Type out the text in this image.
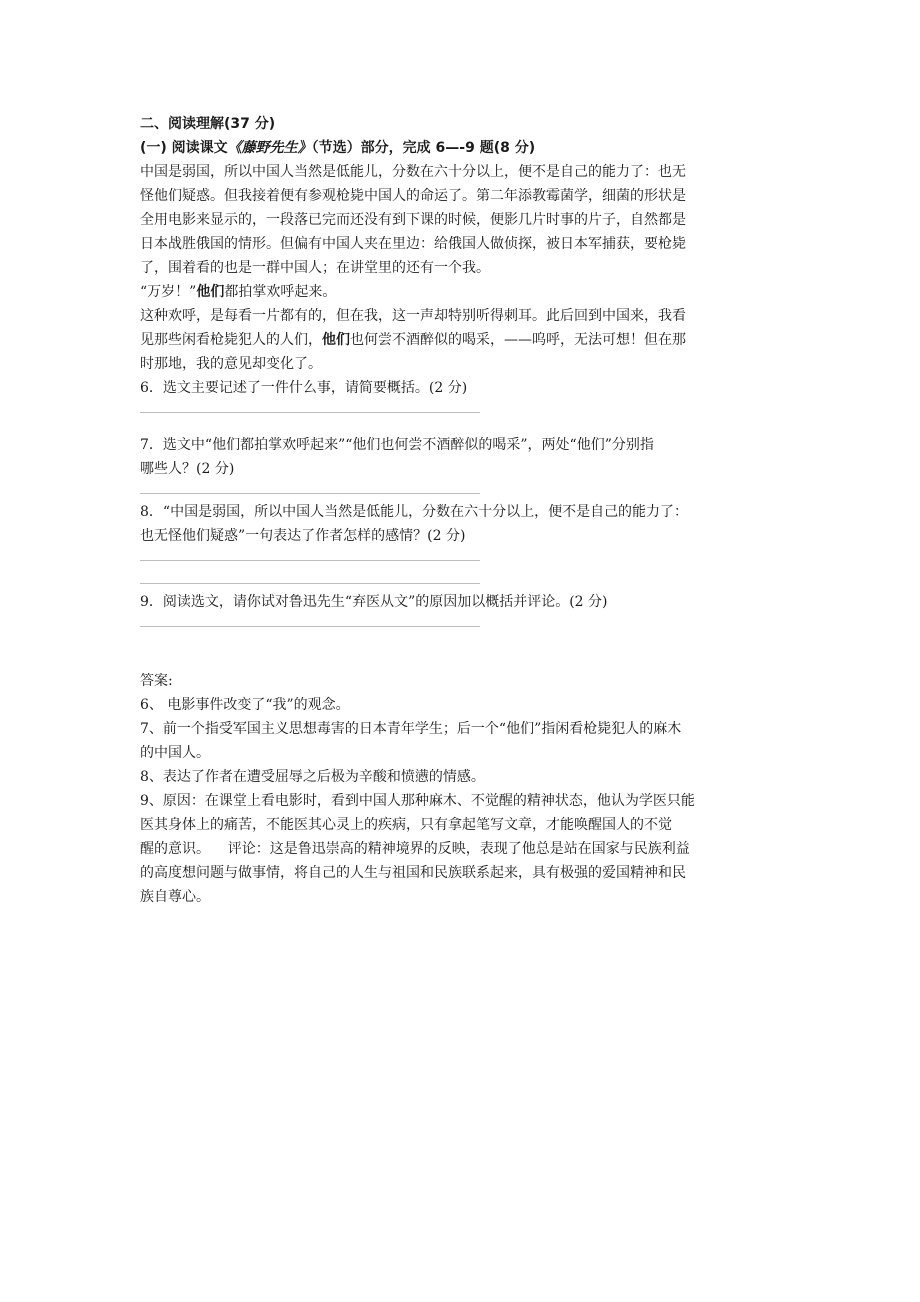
二、阅读理解(37 分)
(一) 阅读课文《藤野先生》（节选）部分，完成 6—-9 题(8 分)
中国是弱国，所以中国人当然是低能儿，分数在六十分以上，便不是自己的能力了：也无
怪他们疑惑。但我接着便有参观枪毙中国人的命运了。第二年添教霉菌学，细菌的形状是
全用电影来显示的，一段落已完而还没有到下课的时候，便影几片时事的片子，自然都是
日本战胜俄国的情形。但偏有中国人夹在里边：给俄国人做侦探，被日本军捕获，要枪毙
了，围着看的也是一群中国人；在讲堂里的还有一个我。
“万岁！”他们都拍掌欢呼起来。
这种欢呼，是每看一片都有的，但在我，这一声却特别听得刺耳。此后回到中国来，我看
见那些闲看枪毙犯人的人们，他们也何尝不酒醉似的喝采，——呜呼，无法可想！但在那
时那地，我的意见却变化了。
6．选文主要记述了一件什么事，请简要概括。(2 分)
7．选文中“他们都拍掌欢呼起来”“他们也何尝不酒醉似的喝采”，两处“他们”分别指
哪些人？(2 分)
8．“中国是弱国，所以中国人当然是低能儿，分数在六十分以上，便不是自己的能力了：
也无怪他们疑惑”一句表达了作者怎样的感情？(2 分)
9．阅读选文，请你试对鲁迅先生“弃医从文”的原因加以概括并评论。(2 分)
答案:
6、 电影事件改变了“我”的观念。
7、前一个指受军国主义思想毒害的日本青年学生；后一个“他们”指闲看枪毙犯人的麻木
的中国人。
8、表达了作者在遭受屈辱之后极为辛酸和愤懑的情感。
9、原因：在课堂上看电影时，看到中国人那种麻木、不觉醒的精神状态，他认为学医只能
医其身体上的痛苦，不能医其心灵上的疾病，只有拿起笔写文章，才能唤醒国人的不觉
醒的意识。    评论：这是鲁迅崇高的精神境界的反映，表现了他总是站在国家与民族利益
的高度想问题与做事情，将自己的人生与祖国和民族联系起来，具有极强的爱国精神和民
族自尊心。
